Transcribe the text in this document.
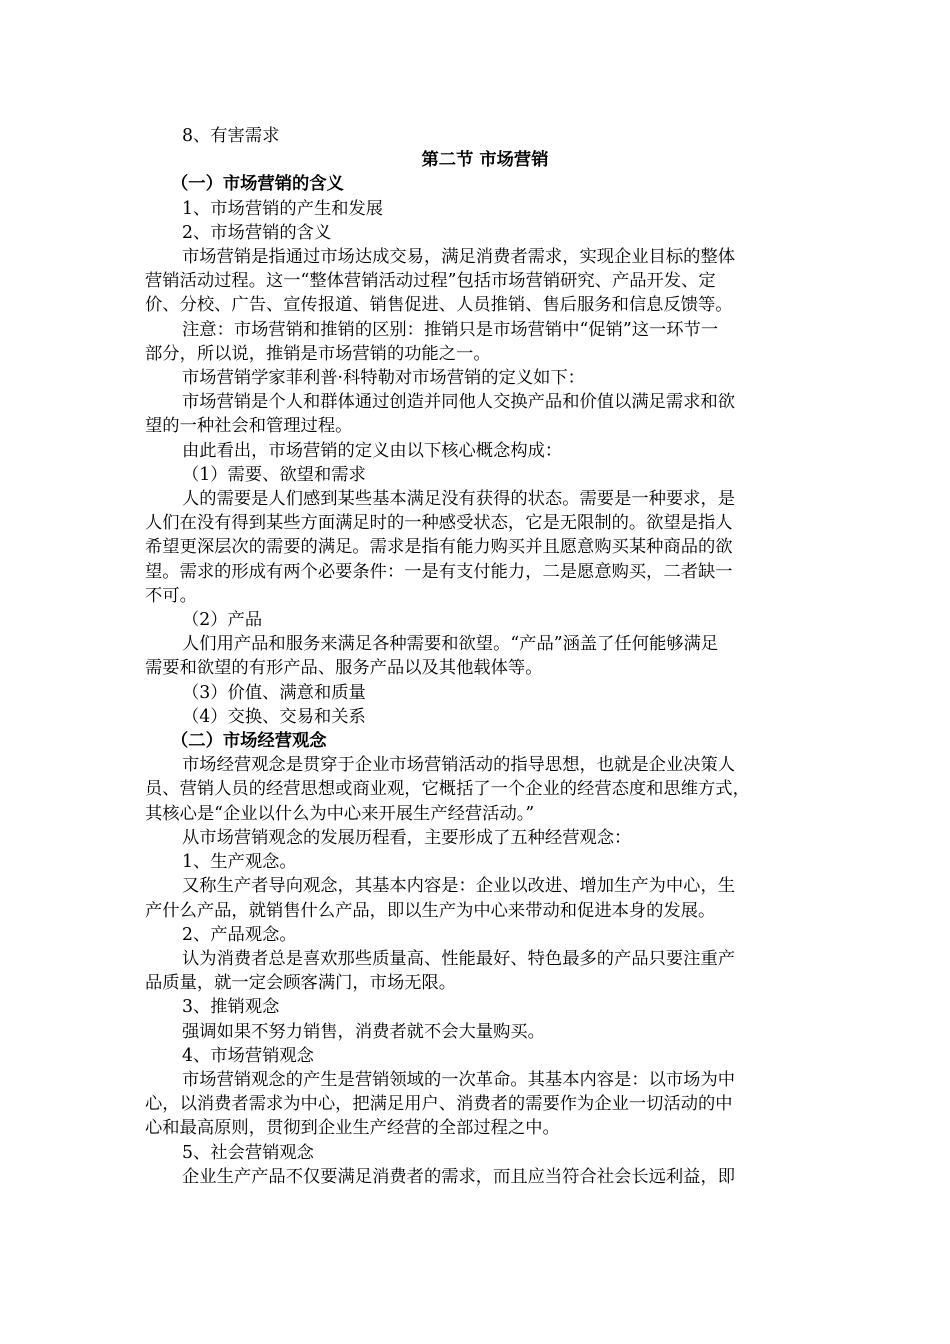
8、有害需求
第二节 市场营销
（一）市场营销的含义
1、市场营销的产生和发展
2、市场营销的含义
市场营销是指通过市场达成交易，满足消费者需求，实现企业目标的整体
营销活动过程。这一“整体营销活动过程”包括市场营销研究、产品开发、定
价、分校、广告、宣传报道、销售促进、人员推销、售后服务和信息反馈等。
注意：市场营销和推销的区别：推销只是市场营销中“促销”这一环节一
部分，所以说，推销是市场营销的功能之一。
市场营销学家菲利普·科特勒对市场营销的定义如下：
市场营销是个人和群体通过创造并同他人交换产品和价值以满足需求和欲
望的一种社会和管理过程。
由此看出，市场营销的定义由以下核心概念构成：
（1）需要、欲望和需求
人的需要是人们感到某些基本满足没有获得的状态。需要是一种要求，是
人们在没有得到某些方面满足时的一种感受状态，它是无限制的。欲望是指人
希望更深层次的需要的满足。需求是指有能力购买并且愿意购买某种商品的欲
望。需求的形成有两个必要条件：一是有支付能力，二是愿意购买，二者缺一
不可。
（2）产品
人们用产品和服务来满足各种需要和欲望。“产品”涵盖了任何能够满足
需要和欲望的有形产品、服务产品以及其他载体等。
（3）价值、满意和质量
（4）交换、交易和关系
（二）市场经营观念
市场经营观念是贯穿于企业市场营销活动的指导思想，也就是企业决策人
员、营销人员的经营思想或商业观，它概括了一个企业的经营态度和思维方式，
其核心是“企业以什么为中心来开展生产经营活动。”
从市场营销观念的发展历程看，主要形成了五种经营观念：
1、生产观念。
又称生产者导向观念，其基本内容是：企业以改进、增加生产为中心，生
产什么产品，就销售什么产品，即以生产为中心来带动和促进本身的发展。
2、产品观念。
认为消费者总是喜欢那些质量高、性能最好、特色最多的产品只要注重产
品质量，就一定会顾客满门，市场无限。
3、推销观念
强调如果不努力销售，消费者就不会大量购买。
4、市场营销观念
市场营销观念的产生是营销领域的一次革命。其基本内容是：以市场为中
心，以消费者需求为中心，把满足用户、消费者的需要作为企业一切活动的中
心和最高原则，贯彻到企业生产经营的全部过程之中。
5、社会营销观念
企业生产产品不仅要满足消费者的需求，而且应当符合社会长远利益，即
